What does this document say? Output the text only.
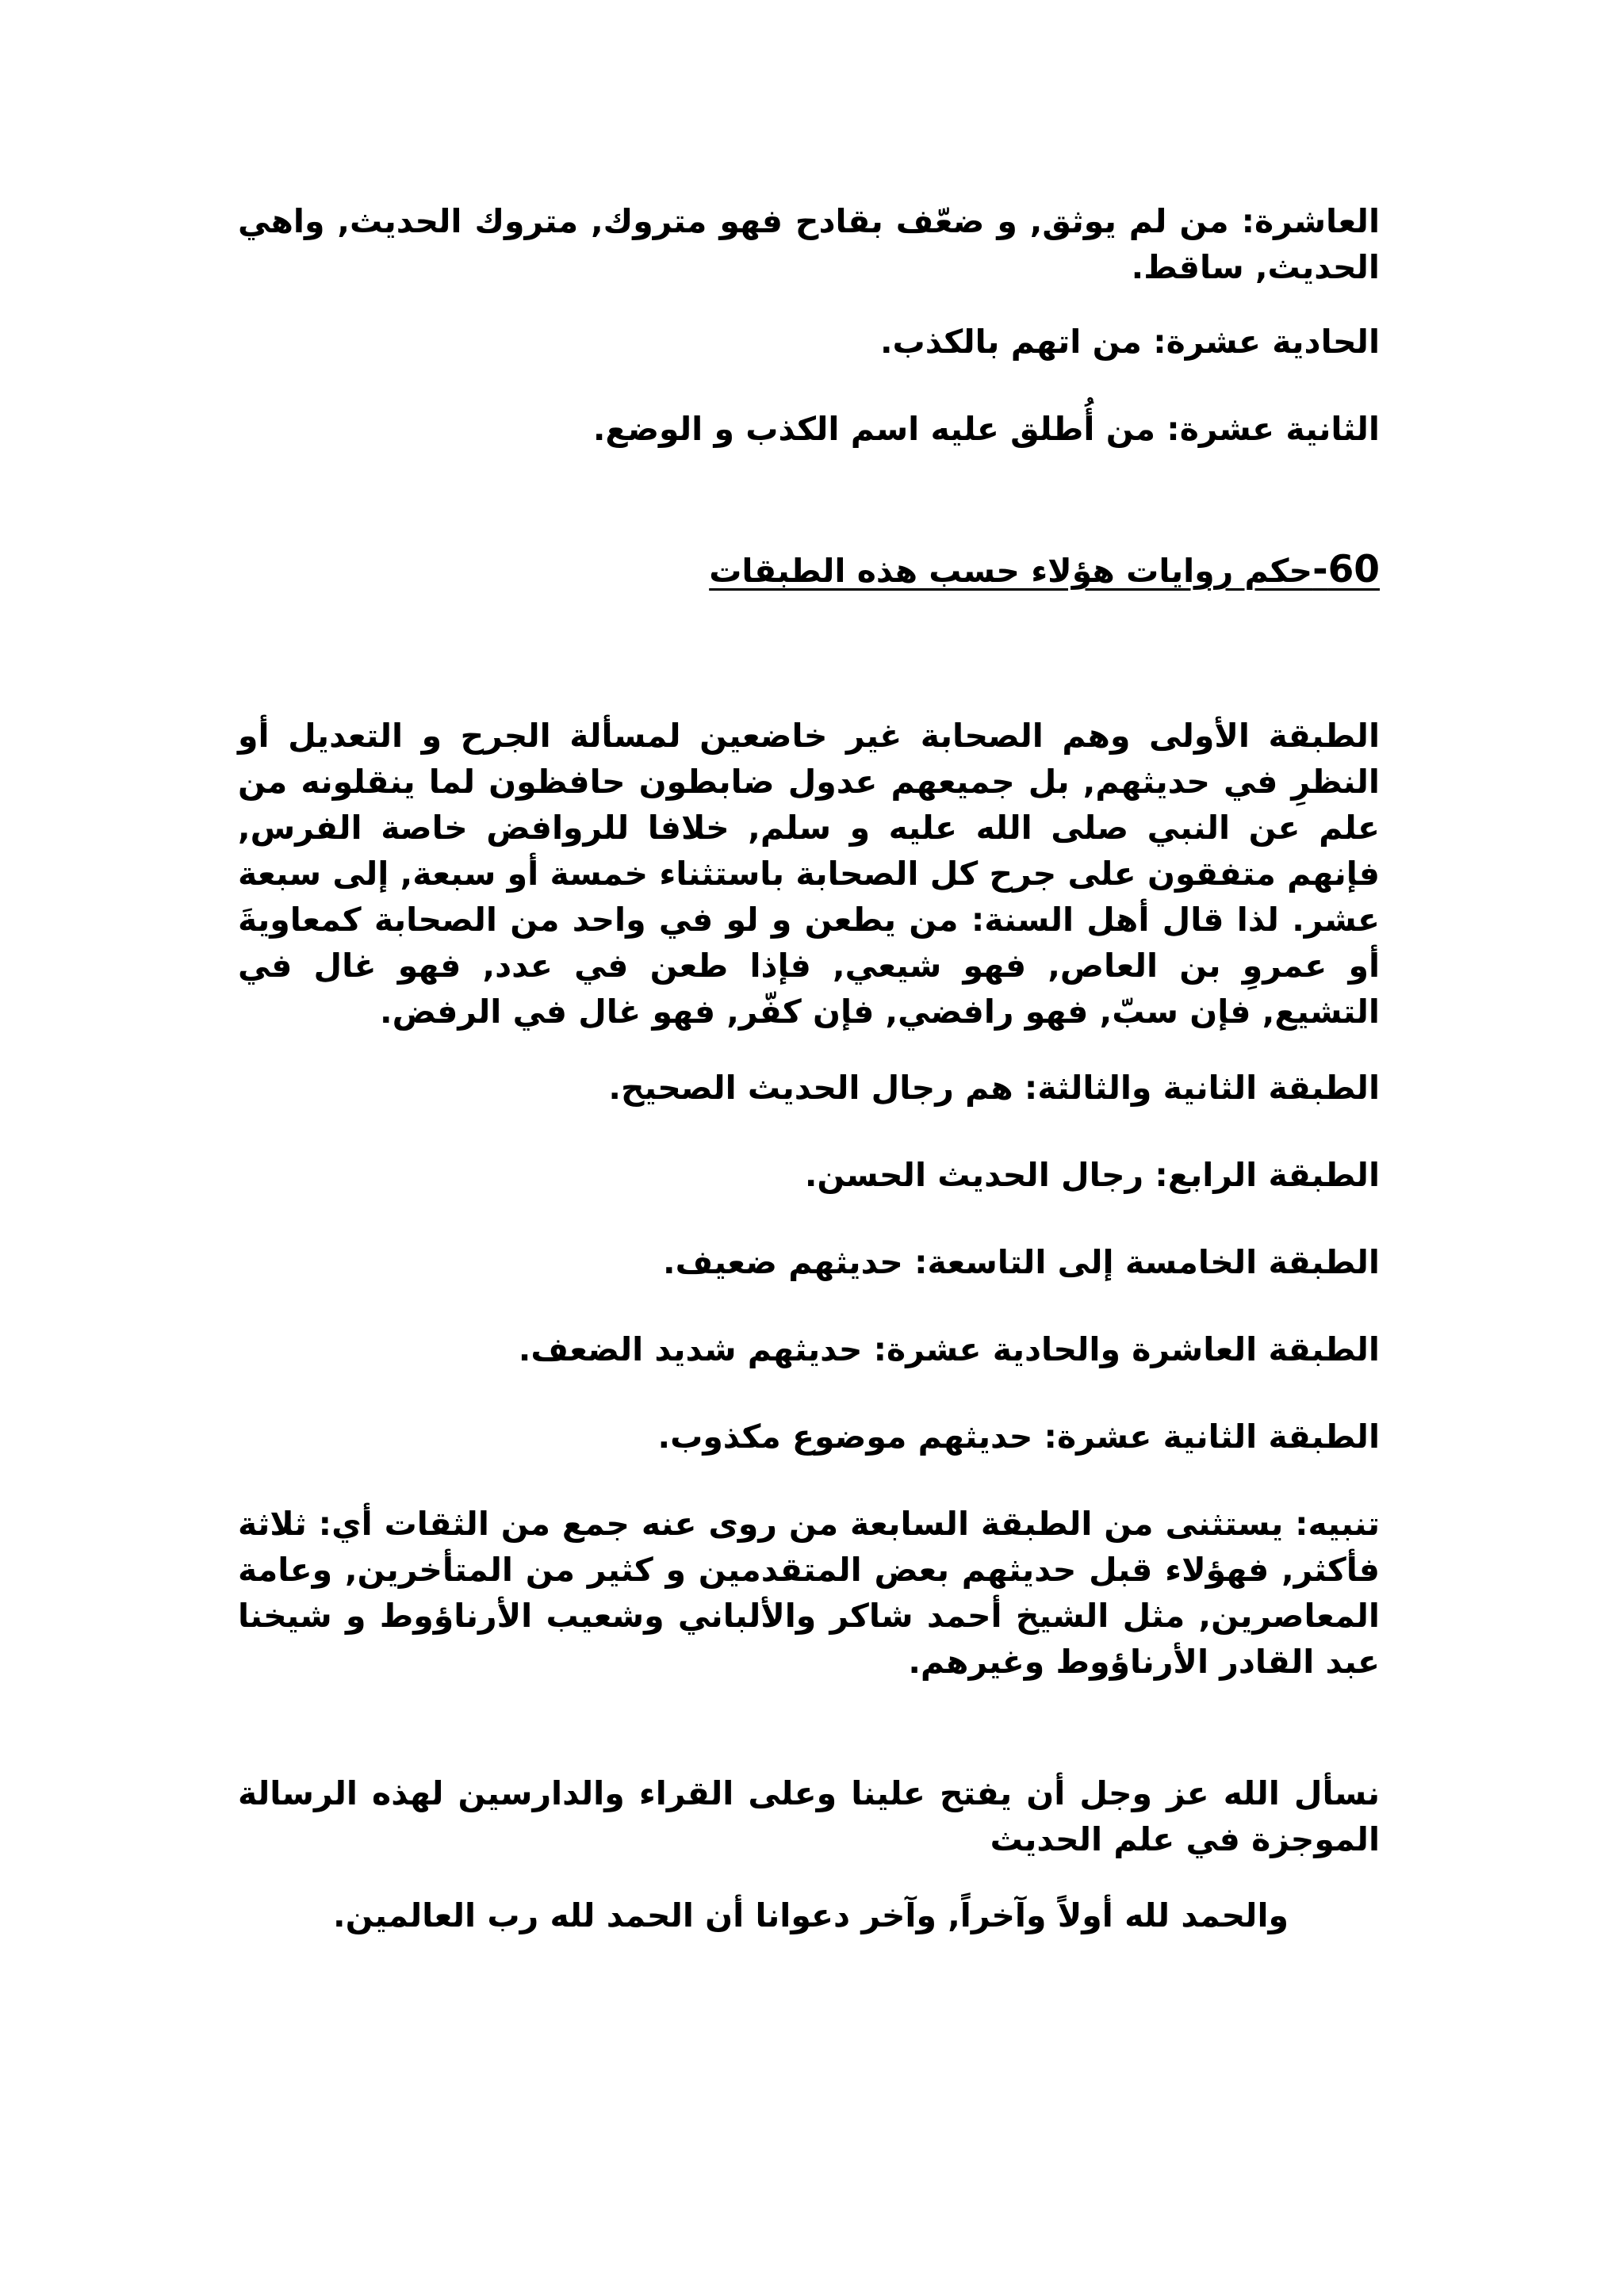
العاشرة: من لم يوثق, و ضعّف بقادح فهو متروك, متروك الحديث, واهي الحديث, ساقط.

الحادية عشرة: من اتهم بالكذب.

الثانية عشرة: من أُطلق عليه اسم الكذب و الوضع.

60-حكم روايات هؤلاء حسب هذه الطبقات

الطبقة الأولى وهم الصحابة غير خاضعين لمسألة الجرح و التعديل أو النظرِ في حديثهم, بل جميعهم عدول ضابطون حافظون لما ينقلونه من علم عن النبي صلى الله عليه و سلم, خلافا للروافض خاصة الفرس, فإنهم متفقون على جرح كل الصحابة باستثناء خمسة أو سبعة, إلى سبعة عشر. لذا قال أهل السنة: من يطعن و لو في واحد من الصحابة كمعاويةَ أو عمروِ بن العاص, فهو شيعي, فإذا طعن في عدد, فهو غال في التشيع, فإن سبّ, فهو رافضي, فإن كفّر, فهو غال في الرفض.

الطبقة الثانية والثالثة: هم رجال الحديث الصحيح.

الطبقة الرابع: رجال الحديث الحسن.

الطبقة الخامسة إلى التاسعة: حديثهم ضعيف.

الطبقة العاشرة والحادية عشرة: حديثهم شديد الضعف.

الطبقة الثانية عشرة: حديثهم موضوع مكذوب.

تنبيه: يستثنى من الطبقة السابعة من روى عنه جمع من الثقات أي: ثلاثة فأكثر, فهؤلاء قبل حديثهم بعض المتقدمين و كثير من المتأخرين, وعامة المعاصرين, مثل الشيخ أحمد شاكر والألباني وشعيب الأرناؤوط و شيخنا عبد القادر الأرناؤوط وغيرهم.

نسأل الله عز وجل أن يفتح علينا وعلى القراء والدارسين لهذه الرسالة الموجزة في علم الحديث

والحمد لله أولاً وآخراً, وآخر دعوانا أن الحمد لله رب العالمين.
